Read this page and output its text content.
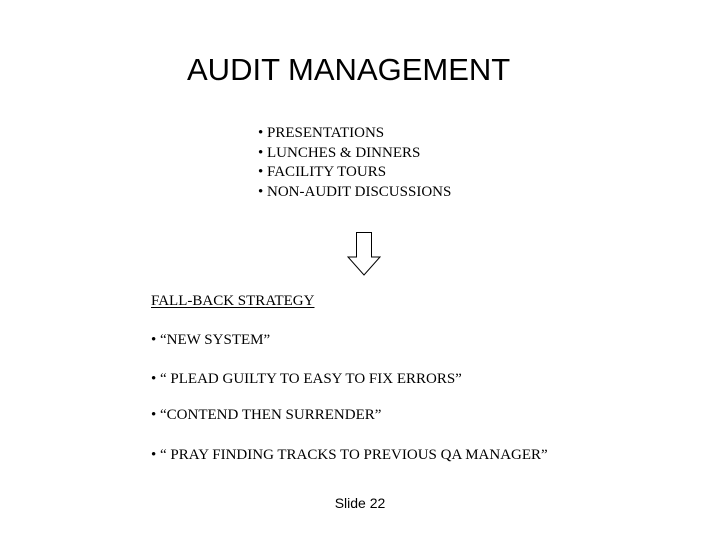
AUDIT MANAGEMENT
• PRESENTATIONS
• LUNCHES & DINNERS
• FACILITY TOURS
• NON-AUDIT DISCUSSIONS
FALL-BACK STRATEGY
• “NEW SYSTEM”
• “ PLEAD GUILTY TO EASY TO FIX ERRORS”
• “CONTEND THEN SURRENDER”
• “ PRAY FINDING TRACKS TO PREVIOUS QA MANAGER”
Slide 22
